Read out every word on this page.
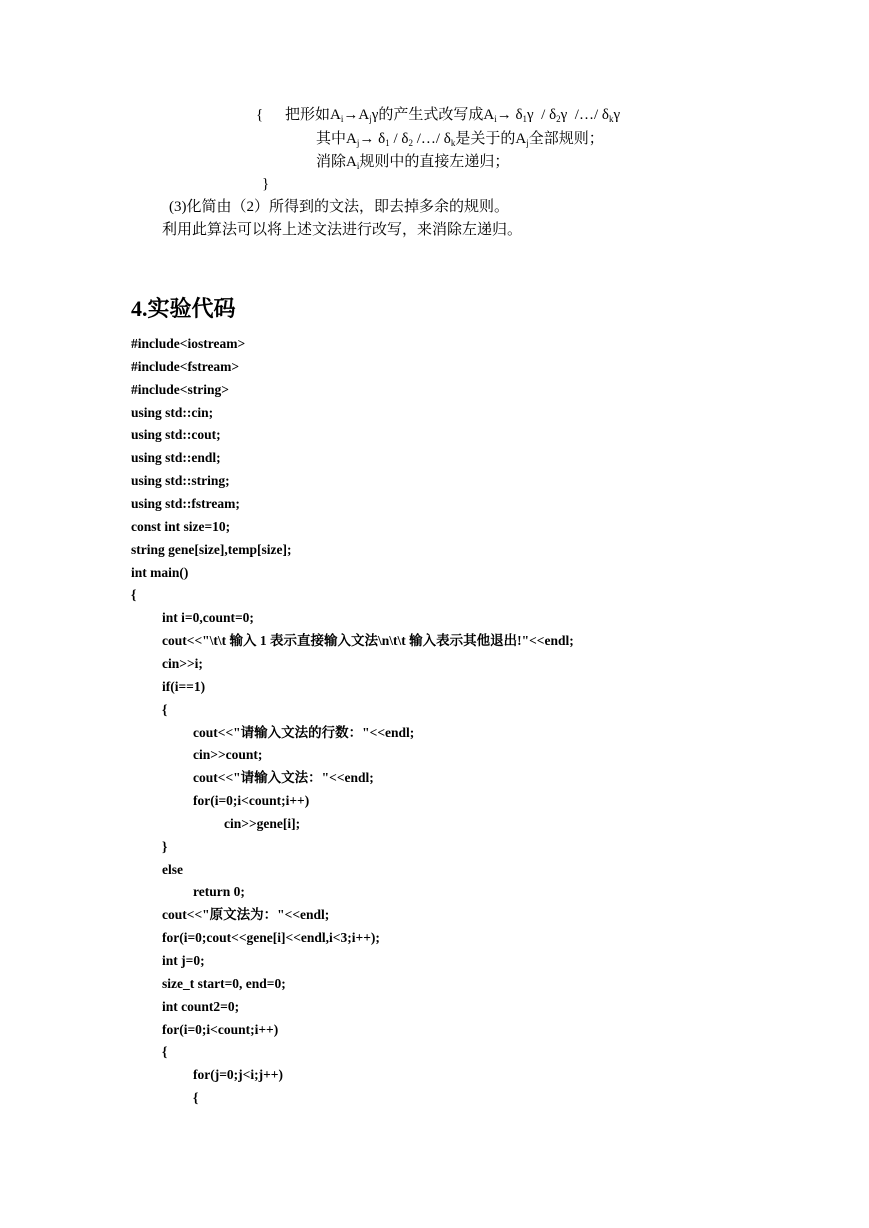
{ 把形如$A_i\to A_j\gamma$的产生式改写成$A_i\to \delta_1\gamma / \delta_2\gamma$  /…/ $\delta_k\gamma$
其中$A_j\to \delta_1 / \delta_2$ /…/ $\delta_k$是关于的$A_j$全部规则；
消除$A_i$规则中的直接左递归；
}
(3)化简由（2）所得到的文法，即去掉多余的规则。
利用此算法可以将上述文法进行改写，来消除左递归。
4.实验代码
#include<iostream>
#include<fstream>
#include<string>
using std::cin;
using std::cout;
using std::endl;
using std::string;
using std::fstream;
const int size=10;
string gene[size],temp[size];
int main()
{
int i=0,count=0;
cout<<"\t\t 输入 1 表示直接输入文法\n\t\t 输入表示其他退出!"<<endl;
cin>>i;
if(i==1)
{
cout<<"请输入文法的行数："<<endl;
cin>>count;
cout<<"请输入文法："<<endl;
for(i=0;i<count;i++)
cin>>gene[i];
}
else
return 0;
cout<<"原文法为："<<endl;
for(i=0;cout<<gene[i]<<endl,i<3;i++);
int j=0;
size_t start=0, end=0;
int count2=0;
for(i=0;i<count;i++)
{
for(j=0;j<i;j++)
{
